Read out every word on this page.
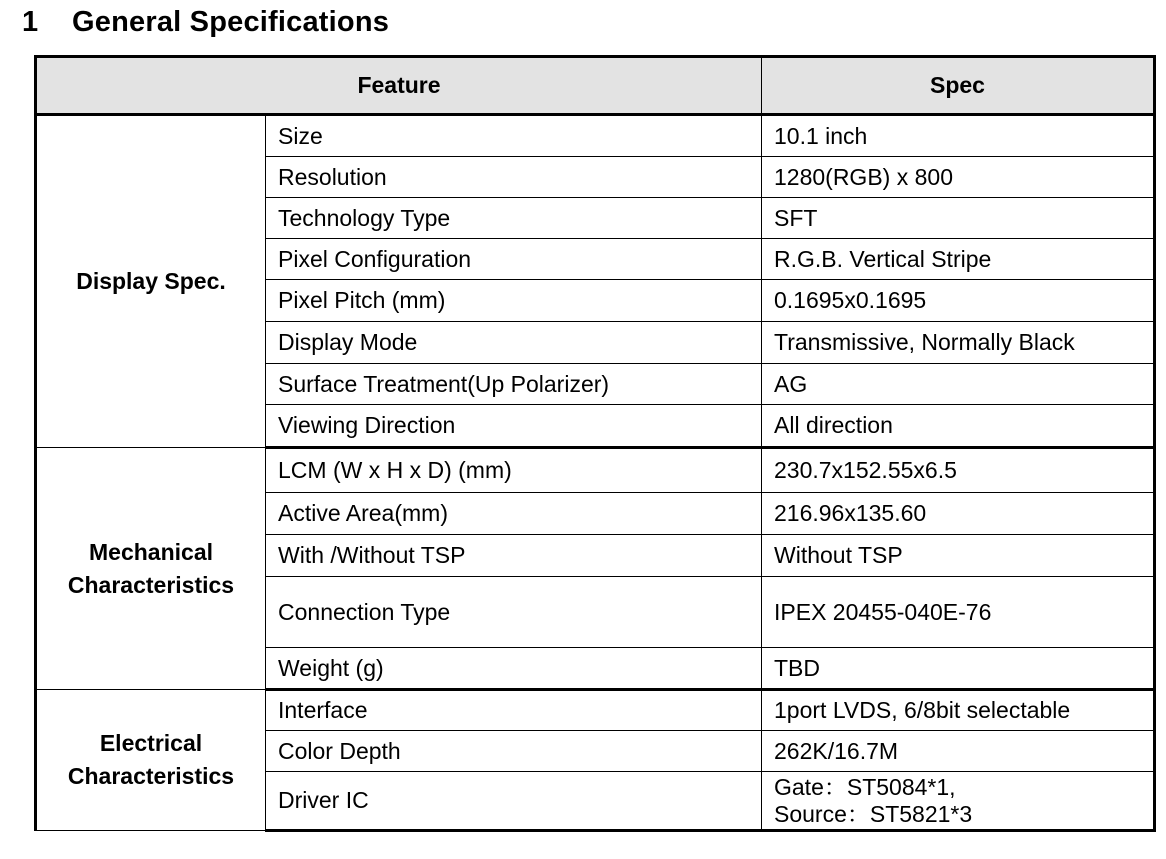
1	General Specifications
Feature		Spec
Display Spec.	Size	10.1 inch

	Resolution	1280(RGB) x 800

	Technology Type	SFT

	Pixel Configuration	R.G.B. Vertical Stripe

	Pixel Pitch (mm)	0.1695x0.1695

	Display Mode	Transmissive, Normally Black

	Surface Treatment(Up Polarizer)	AG

	Viewing Direction	All direction

Mechanical Characteristics	LCM (W x H x D) (mm)	230.7x152.55x6.5

	Active Area(mm)	216.96x135.60

	With /Without TSP	Without TSP

	Connection Type	IPEX 20455-040E-76

	Weight (g)	TBD

Electrical Characteristics	Interface	1port LVDS, 6/8bit selectable

	Color Depth	262K/16.7M

	Driver IC	Gate：ST5084*1,
Source：ST5821*3
